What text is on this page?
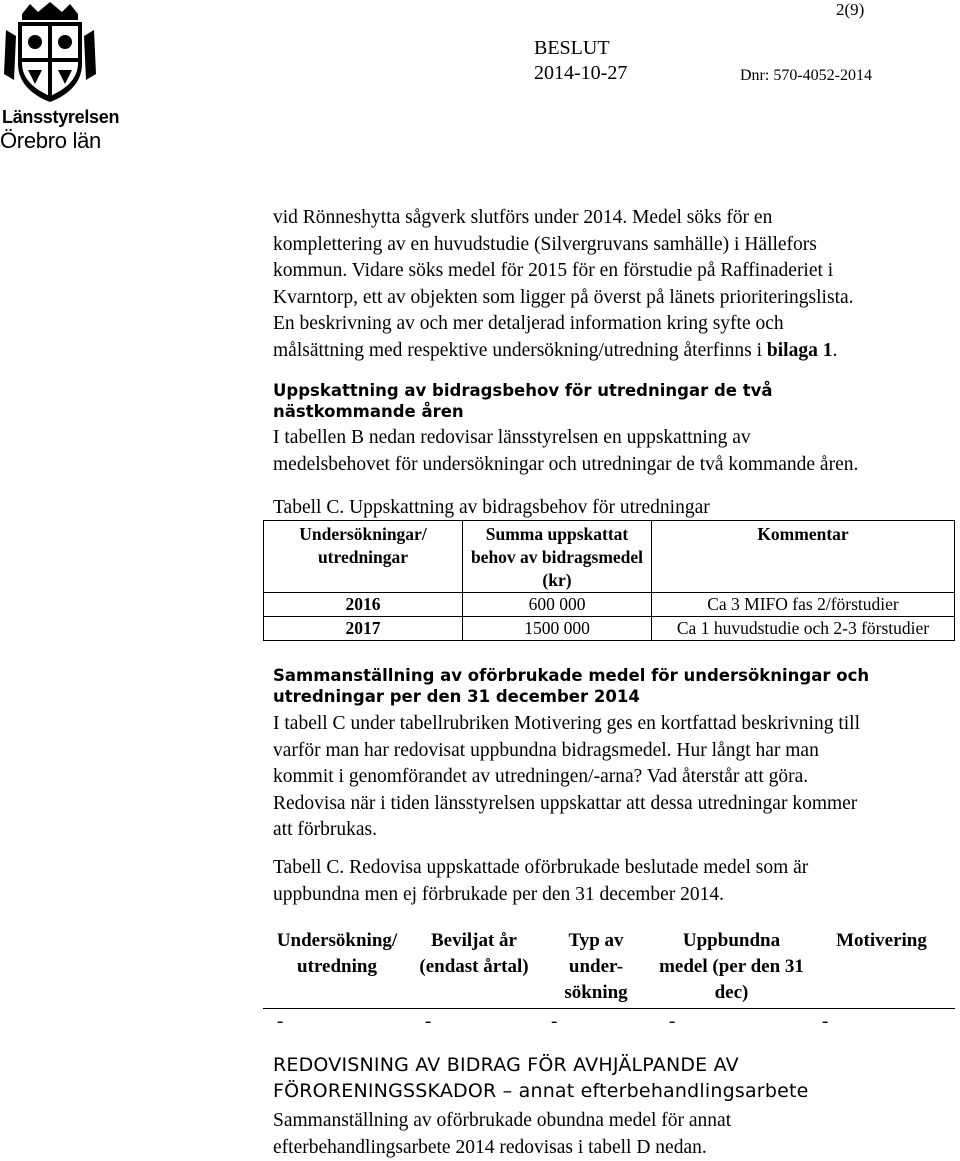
2(9)
Länsstyrelsen
Örebro län
BESLUT
2014-10-27	Dnr: 570-4052-2014
vid Rönneshytta sågverk slutförs under 2014. Medel söks för en
komplettering av en huvudstudie (Silvergruvans samhälle) i Hällefors
kommun. Vidare söks medel för 2015 för en förstudie på Raffinaderiet i
Kvarntorp, ett av objekten som ligger på överst på länets prioriteringslista.
En beskrivning av och mer detaljerad information kring syfte och
målsättning med respektive undersökning/utredning återfinns i bilaga 1.
Uppskattning av bidragsbehov för utredningar de två
nästkommande åren
I tabellen B nedan redovisar länsstyrelsen en uppskattning av
medelsbehovet för undersökningar och utredningar de två kommande åren.
Tabell C. Uppskattning av bidragsbehov för utredningar
Undersökningar/ utredningar	Summa uppskattat behov av bidragsmedel (kr)	Kommentar
2016	600 000	Ca 3 MIFO fas 2/förstudier
2017	1500 000	Ca 1 huvudstudie och 2-3 förstudier
Sammanställning av oförbrukade medel för undersökningar och
utredningar per den 31 december 2014
I tabell C under tabellrubriken Motivering ges en kortfattad beskrivning till
varför man har redovisat uppbundna bidragsmedel. Hur långt har man
kommit i genomförandet av utredningen/-arna? Vad återstår att göra.
Redovisa när i tiden länsstyrelsen uppskattar att dessa utredningar kommer
att förbrukas.
Tabell C. Redovisa uppskattade oförbrukade beslutade medel som är
uppbundna men ej förbrukade per den 31 december 2014.
Undersökning/ utredning	Beviljat år (endast årtal)	Typ av under- sökning	Uppbundna medel (per den 31 dec)	Motivering
-	-	-	-	-
REDOVISNING AV BIDRAG FÖR AVHJÄLPANDE AV
FÖRORENINGSSKADOR – annat efterbehandlingsarbete
Sammanställning av oförbrukade obundna medel för annat
efterbehandlingsarbete 2014 redovisas i tabell D nedan.
